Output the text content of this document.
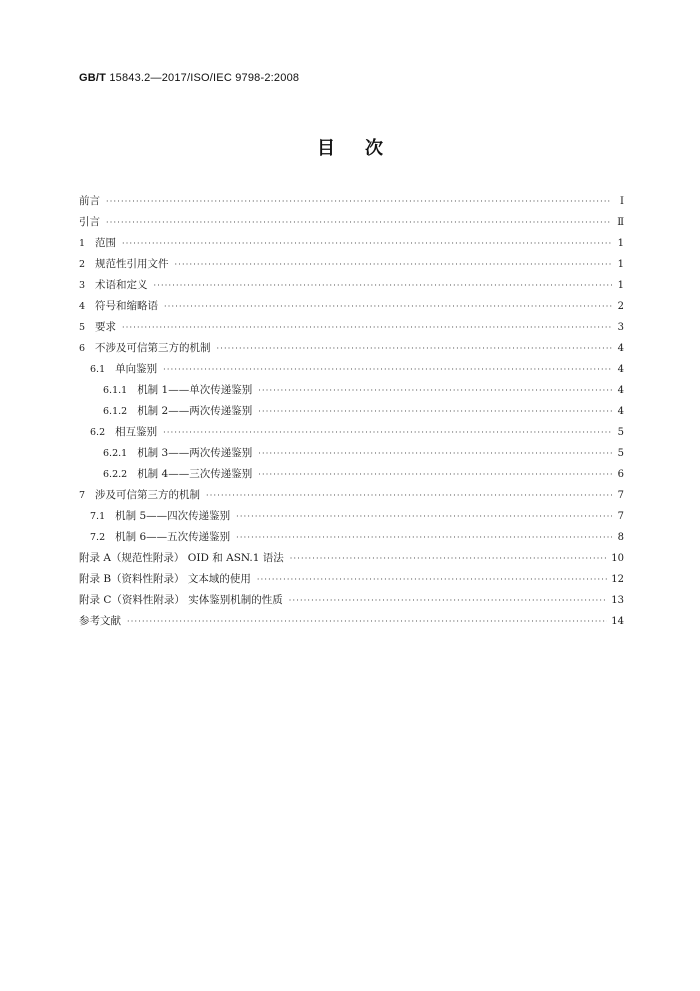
GB/T 15843.2—2017/ISO/IEC 9798-2:2008
目次
前言 ·····	Ⅰ
引言 ·····	Ⅱ
1 范围 ·····	1
2 规范性引用文件 ·····	1
3 术语和定义 ·····	1
4 符号和缩略语 ·····	2
5 要求 ·····	3
6 不涉及可信第三方的机制 ·····	4
6.1 单向鉴别 ·····	4
6.1.1 机制 1——单次传递鉴别 ·····	4
6.1.2 机制 2——两次传递鉴别 ·····	4
6.2 相互鉴别 ·····	5
6.2.1 机制 3——两次传递鉴别 ·····	5
6.2.2 机制 4——三次传递鉴别 ·····	6
7 涉及可信第三方的机制 ·····	7
7.1 机制 5——四次传递鉴别 ·····	7
7.2 机制 6——五次传递鉴别 ·····	8
附录 A（规范性附录） OID 和 ASN.1 语法 ·····	10
附录 B（资料性附录） 文本域的使用 ·····	12
附录 C（资料性附录） 实体鉴别机制的性质 ·····	13
参考文献 ·····	14
